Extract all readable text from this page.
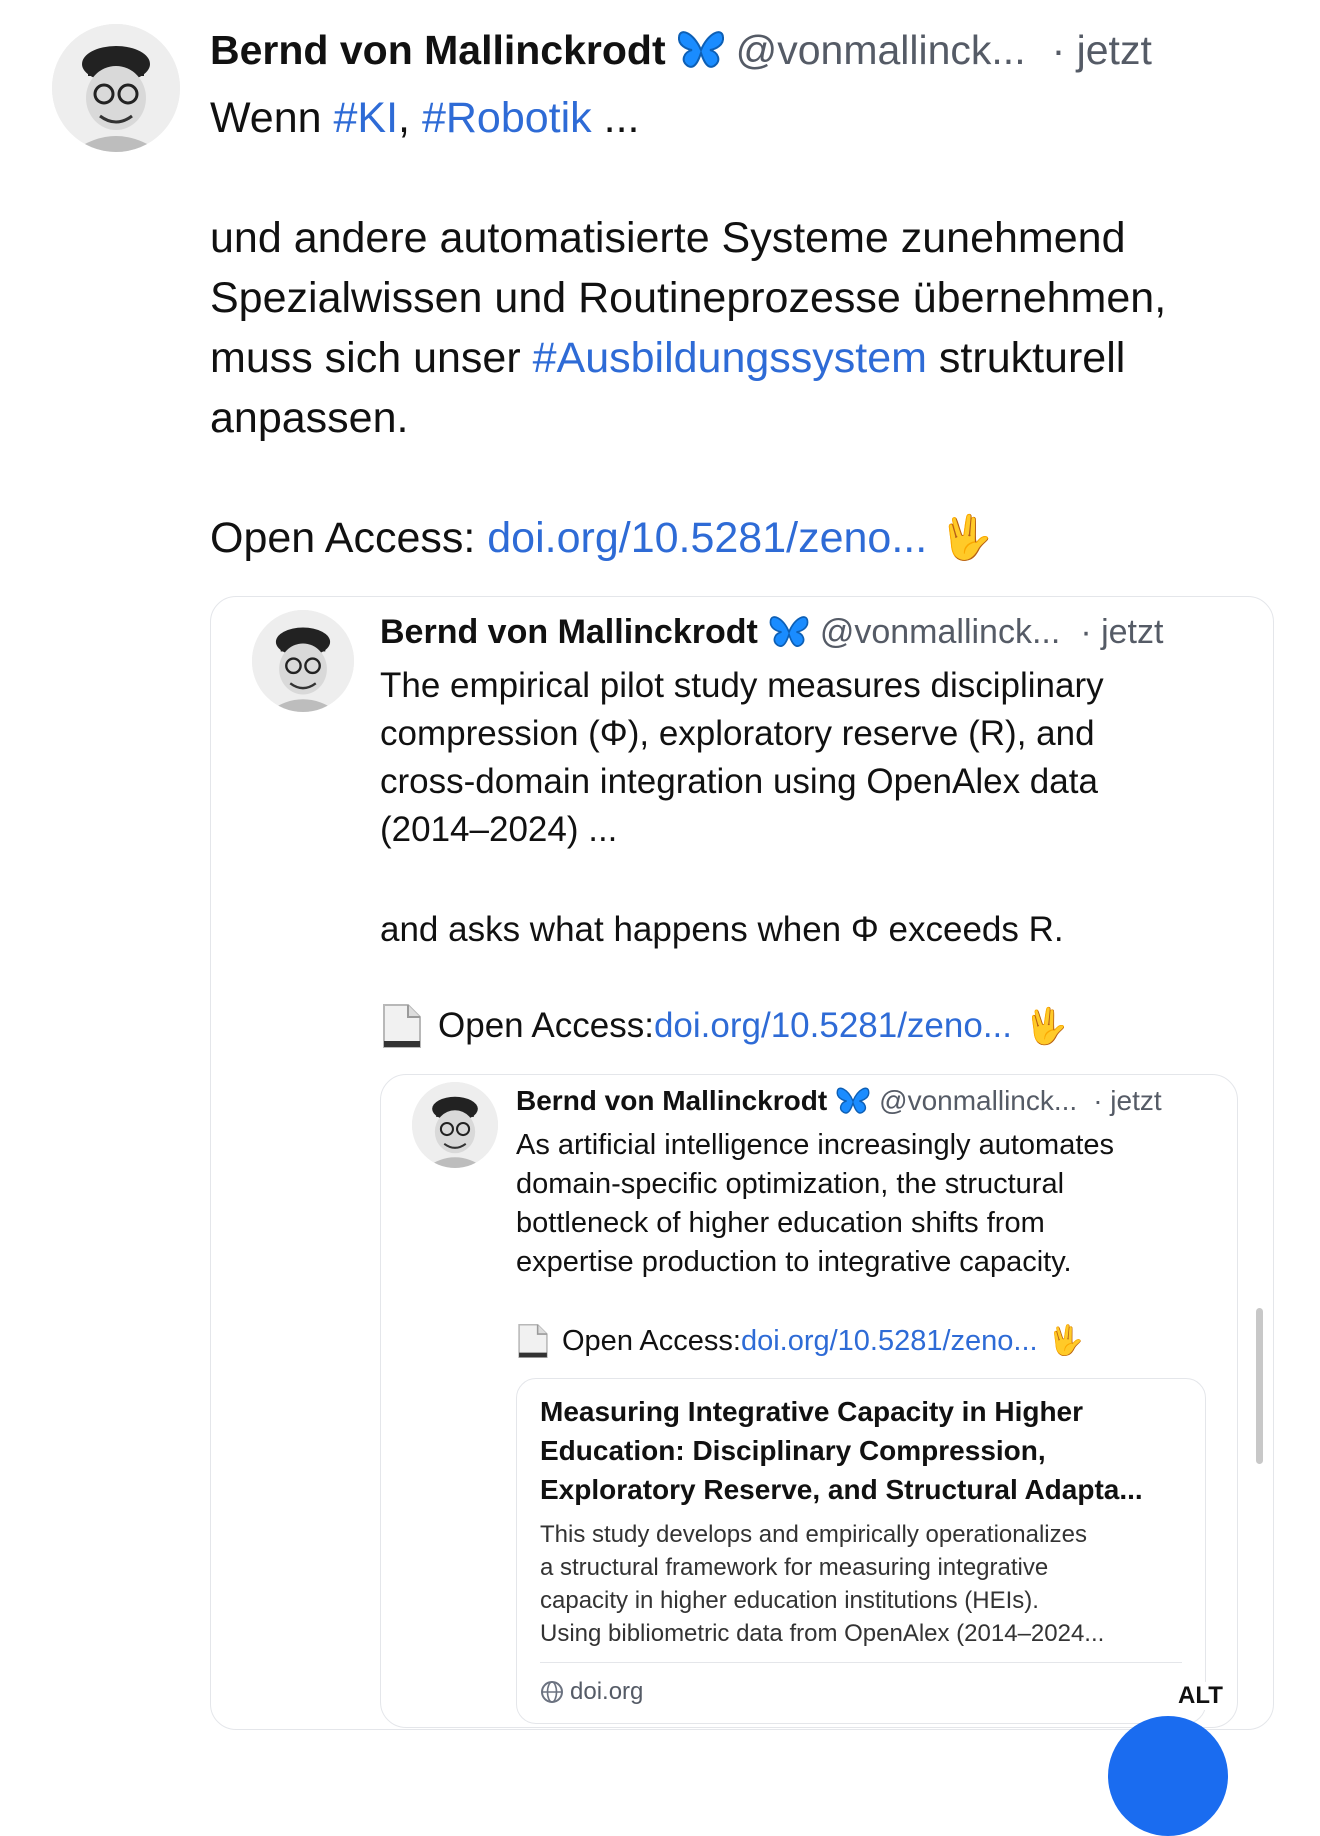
Bernd von Mallinckrodt @vonmallinck... · jetzt
Wenn #KI, #Robotik ...
und andere automatisierte Systeme zunehmend
Spezialwissen und Routineprozesse übernehmen,
muss sich unser #Ausbildungssystem strukturell
anpassen.
Open Access: doi.org/10.5281/zeno... 🖖
Bernd von Mallinckrodt @vonmallinck... · jetzt
The empirical pilot study measures disciplinary
compression (Φ), exploratory reserve (R), and
cross-domain integration using OpenAlex data
(2014–2024) ...
and asks what happens when Φ exceeds R.
Open Access: doi.org/10.5281/zeno... 🖖
Bernd von Mallinckrodt @vonmallinck... · jetzt
As artificial intelligence increasingly automates
domain-specific optimization, the structural
bottleneck of higher education shifts from
expertise production to integrative capacity.
Open Access: doi.org/10.5281/zeno... 🖖
Measuring Integrative Capacity in Higher
Education: Disciplinary Compression,
Exploratory Reserve, and Structural Adapta...
This study develops and empirically operationalizes
a structural framework for measuring integrative
capacity in higher education institutions (HEIs).
Using bibliometric data from OpenAlex (2014–2024...
doi.org	ALT
